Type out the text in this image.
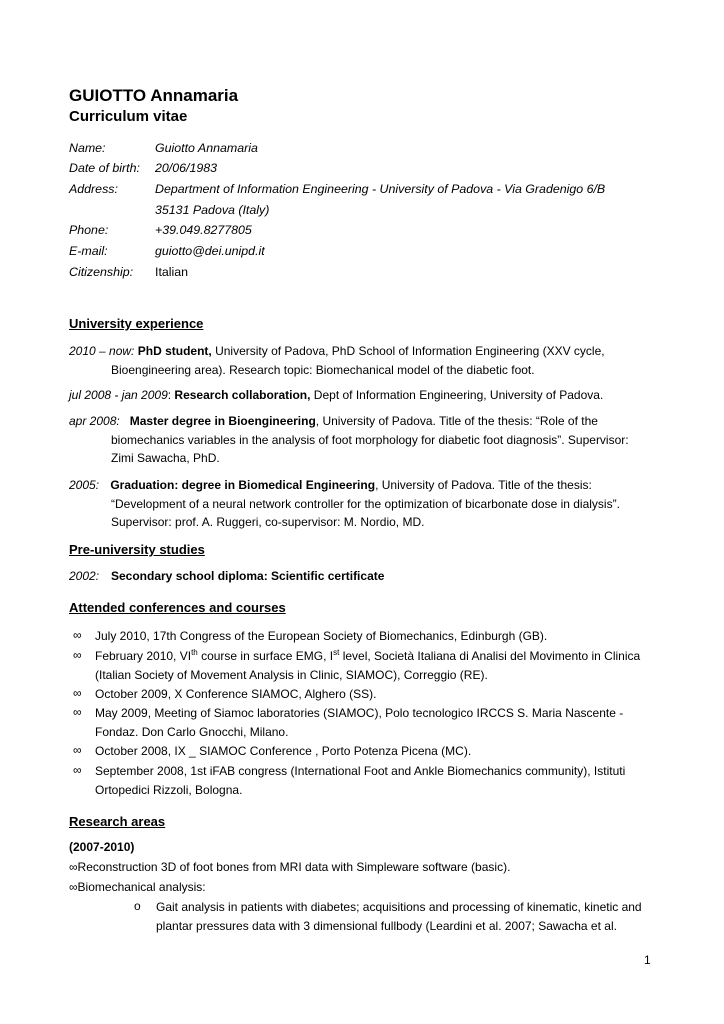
GUIOTTO Annamaria
Curriculum vitae
Name:	Guiotto Annamaria
Date of birth: 20/06/1983
Address:	Department of Information Engineering - University of Padova - Via Gradenigo 6/B
35131 Padova (Italy)
Phone:	+39.049.8277805
E-mail:	guiotto@dei.unipd.it
Citizenship: Italian
University experience
2010 – now: PhD student, University of Padova, PhD School of Information Engineering (XXV cycle,
Bioengineering area). Research topic: Biomechanical model of the diabetic foot.
jul 2008 - jan 2009: Research collaboration, Dept of Information Engineering, University of Padova.
apr 2008: Master degree in Bioengineering, University of Padova. Title of the thesis: “Role of the
biomechanics variables in the analysis of foot morphology for diabetic foot diagnosis”. Supervisor:
Zimi Sawacha, PhD.
2005: Graduation: degree in Biomedical Engineering, University of Padova. Title of the thesis:
“Development of a neural network controller for the optimization of bicarbonate dose in dialysis”.
Supervisor: prof. A. Ruggeri, co-supervisor: M. Nordio, MD.
Pre-university studies
2002: Secondary school diploma: Scientific certificate
Attended conferences and courses
∞ July 2010, 17th Congress of the European Society of Biomechanics, Edinburgh (GB).
∞ February 2010, VIth course in surface EMG, Ist level, Società Italiana di Analisi del Movimento in Clinica
(Italian Society of Movement Analysis in Clinic, SIAMOC), Correggio (RE).
∞ October 2009, X Conference SIAMOC, Alghero (SS).
∞ May 2009, Meeting of Siamoc laboratories (SIAMOC), Polo tecnologico IRCCS S. Maria Nascente -
Fondaz. Don Carlo Gnocchi, Milano.
∞ October 2008, IX _ SIAMOC Conference , Porto Potenza Picena (MC).
∞ September 2008, 1st iFAB congress (International Foot and Ankle Biomechanics community), Istituti
Ortopedici Rizzoli, Bologna.
Research areas
(2007-2010)
∞Reconstruction 3D of foot bones from MRI data with Simpleware software (basic).
∞Biomechanical analysis:
o Gait analysis in patients with diabetes; acquisitions and processing of kinematic, kinetic and
plantar pressures data with 3 dimensional fullbody (Leardini et al. 2007; Sawacha et al.
1
